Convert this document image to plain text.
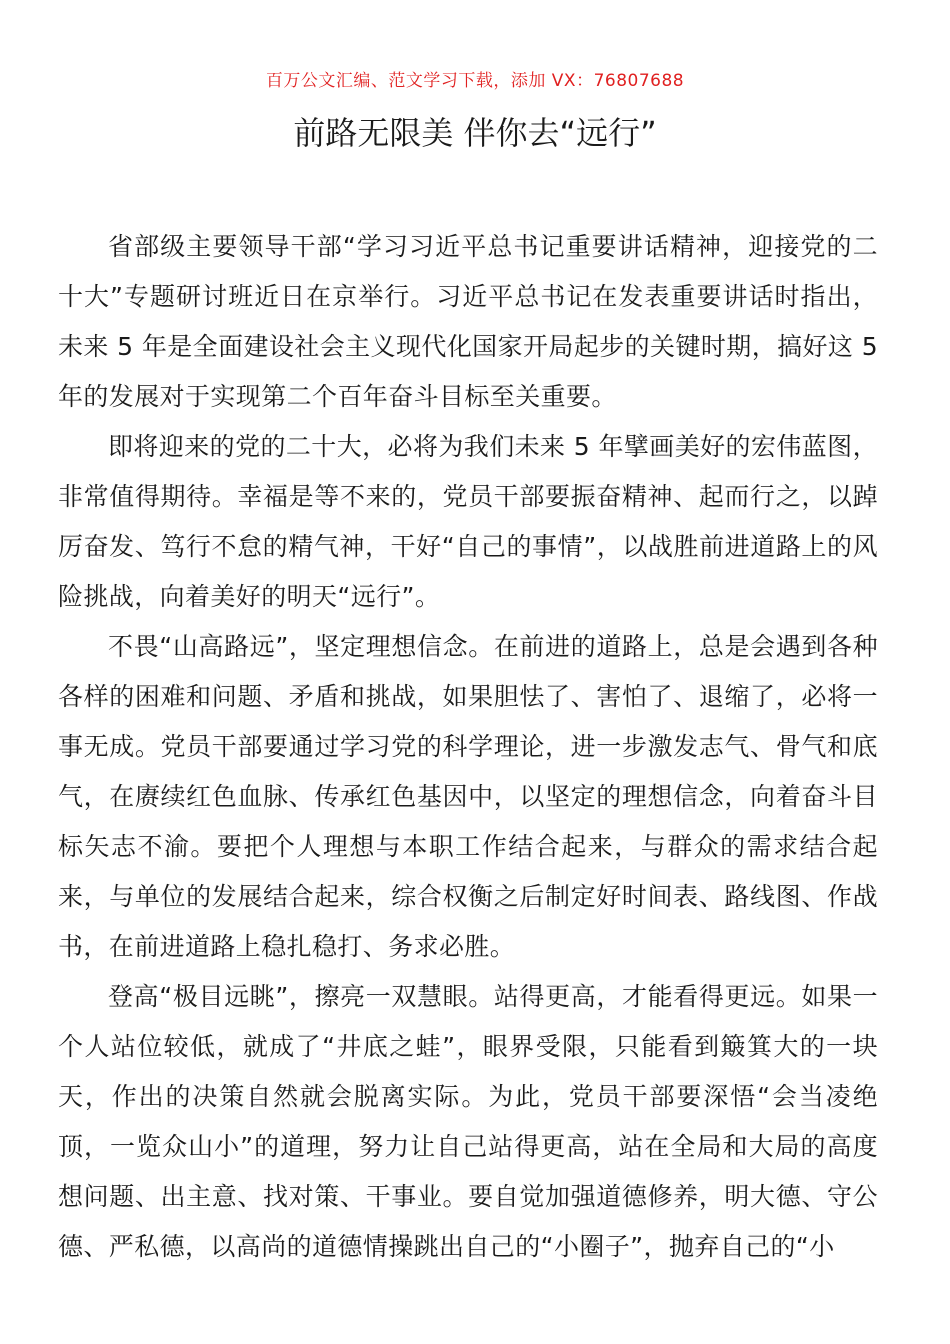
百万公文汇编、范文学习下载，添加 VX：76807688
前路无限美 伴你去“远行”

省部级主要领导干部“学习习近平总书记重要讲话精神，迎接党的二十大”专题研讨班近日在京举行。习近平总书记在发表重要讲话时指出，未来 5 年是全面建设社会主义现代化国家开局起步的关键时期，搞好这 5 年的发展对于实现第二个百年奋斗目标至关重要。

即将迎来的党的二十大，必将为我们未来 5 年擘画美好的宏伟蓝图，非常值得期待。幸福是等不来的，党员干部要振奋精神、起而行之，以踔厉奋发、笃行不怠的精气神，干好“自己的事情”，以战胜前进道路上的风险挑战，向着美好的明天“远行”。

不畏“山高路远”，坚定理想信念。在前进的道路上，总是会遇到各种各样的困难和问题、矛盾和挑战，如果胆怯了、害怕了、退缩了，必将一事无成。党员干部要通过学习党的科学理论，进一步激发志气、骨气和底气，在赓续红色血脉、传承红色基因中，以坚定的理想信念，向着奋斗目标矢志不渝。要把个人理想与本职工作结合起来，与群众的需求结合起来，与单位的发展结合起来，综合权衡之后制定好时间表、路线图、作战书，在前进道路上稳扎稳打、务求必胜。

登高“极目远眺”，擦亮一双慧眼。站得更高，才能看得更远。如果一个人站位较低，就成了“井底之蛙”，眼界受限，只能看到簸箕大的一块天，作出的决策自然就会脱离实际。为此，党员干部要深悟“会当凌绝顶，一览众山小”的道理，努力让自己站得更高，站在全局和大局的高度想问题、出主意、找对策、干事业。要自觉加强道德修养，明大德、守公德、严私德，以高尚的道德情操跳出自己的“小圈子”，抛弃自己的“小
